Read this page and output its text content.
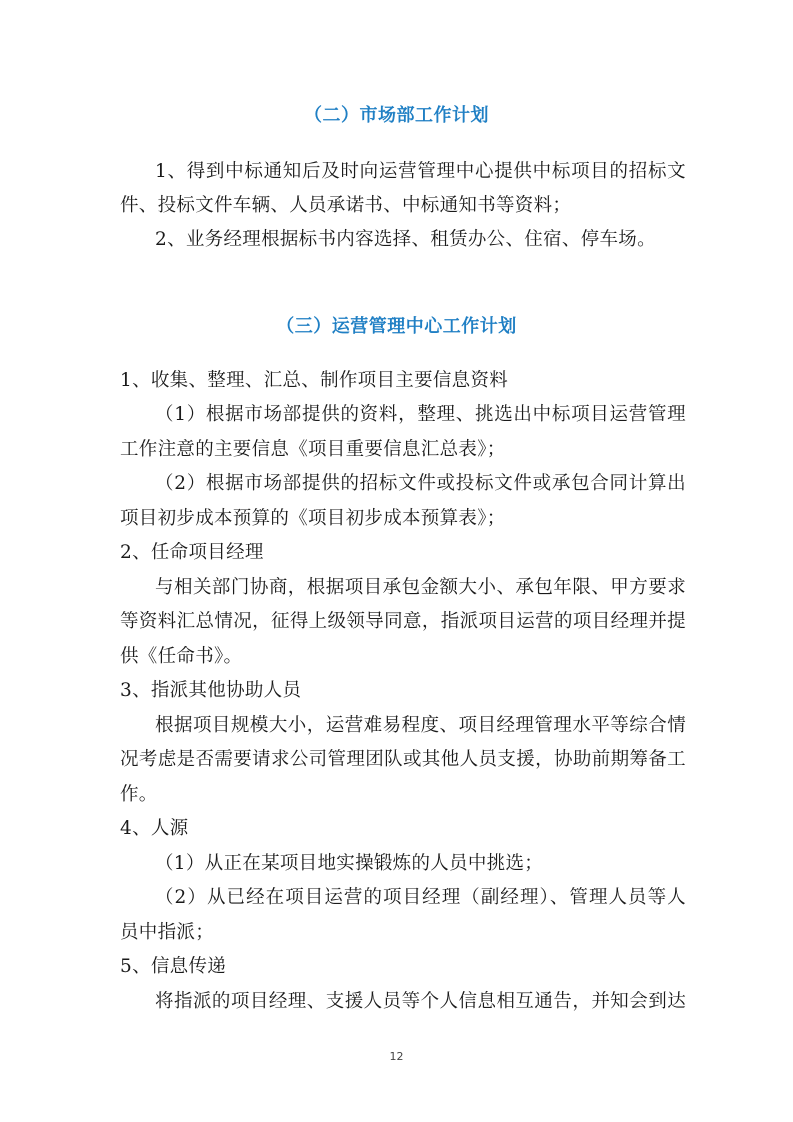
（二）市场部工作计划
1、得到中标通知后及时向运营管理中心提供中标项目的招标文
件、投标文件车辆、人员承诺书、中标通知书等资料；
2、业务经理根据标书内容选择、租赁办公、住宿、停车场。
（三）运营管理中心工作计划
1、收集、整理、汇总、制作项目主要信息资料
（1）根据市场部提供的资料，整理、挑选出中标项目运营管理
工作注意的主要信息《项目重要信息汇总表》；
（2）根据市场部提供的招标文件或投标文件或承包合同计算出
项目初步成本预算的《项目初步成本预算表》；
2、任命项目经理
与相关部门协商，根据项目承包金额大小、承包年限、甲方要求
等资料汇总情况，征得上级领导同意，指派项目运营的项目经理并提
供《任命书》。
3、指派其他协助人员
根据项目规模大小，运营难易程度、项目经理管理水平等综合情
况考虑是否需要请求公司管理团队或其他人员支援，协助前期筹备工
作。
4、人源
（1）从正在某项目地实操锻炼的人员中挑选；
（2）从已经在项目运营的项目经理（副经理）、管理人员等人
员中指派；
5、信息传递
将指派的项目经理、支援人员等个人信息相互通告，并知会到达
12
